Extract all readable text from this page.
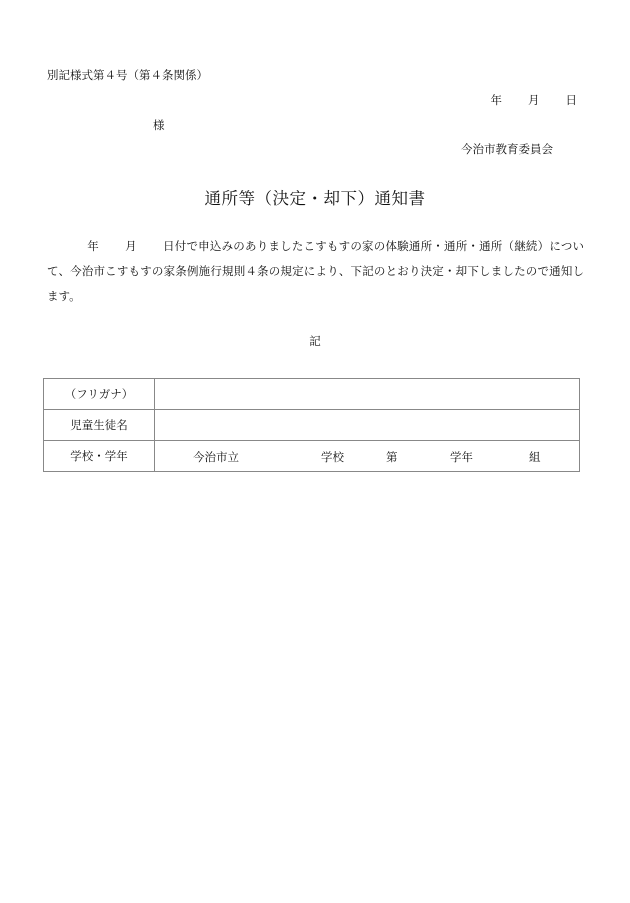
別記様式第４号（第４条関係）
年 月 日
様
今治市教育委員会
通所等（決定・却下）通知書
年 月 日付で申込みのありましたこすもすの家の体験通所・通所・通所（継続）について、今治市こすもすの家条例施行規則４条の規定により、下記のとおり決定・却下しましたので通知します。
記
（フリガナ）	
児童生徒名	
学校・学年	今治市立 学校 第 学年 組
